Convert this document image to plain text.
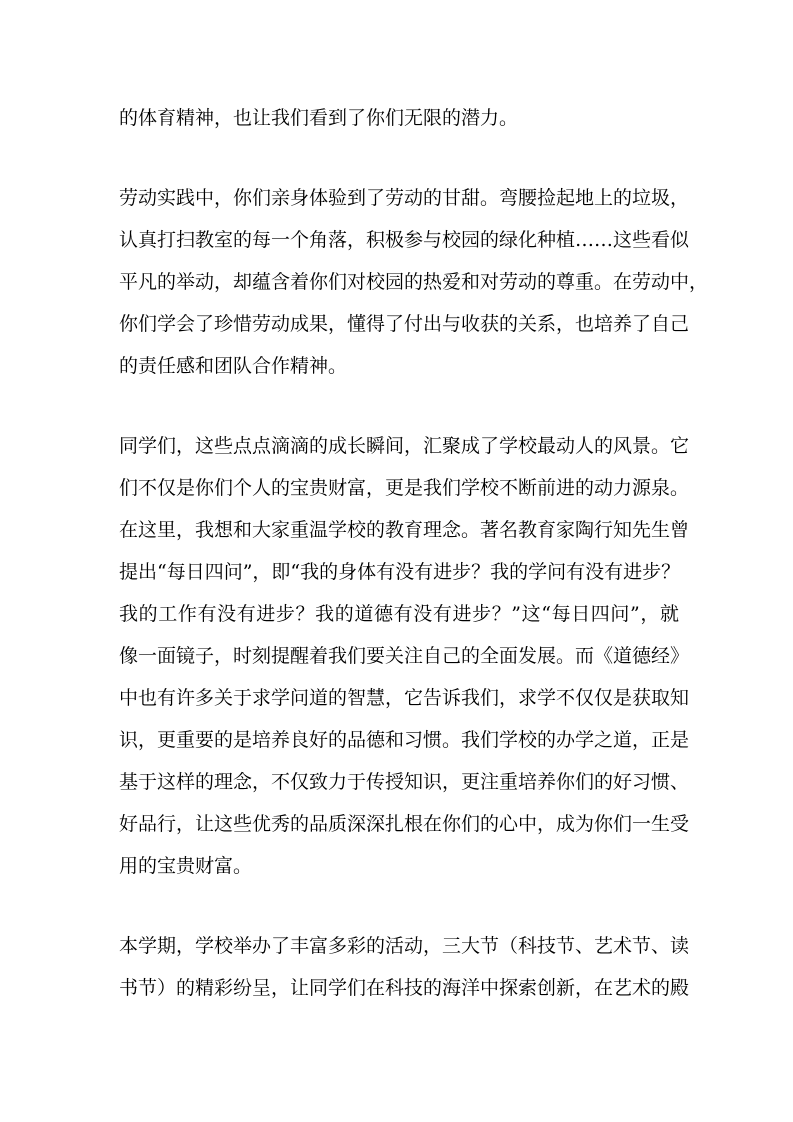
的体育精神，也让我们看到了你们无限的潜力。
劳动实践中，你们亲身体验到了劳动的甘甜。弯腰捡起地上的垃圾，
认真打扫教室的每一个角落，积极参与校园的绿化种植……这些看似
平凡的举动，却蕴含着你们对校园的热爱和对劳动的尊重。在劳动中，
你们学会了珍惜劳动成果，懂得了付出与收获的关系，也培养了自己
的责任感和团队合作精神。
同学们，这些点点滴滴的成长瞬间，汇聚成了学校最动人的风景。它
们不仅是你们个人的宝贵财富，更是我们学校不断前进的动力源泉。
在这里，我想和大家重温学校的教育理念。著名教育家陶行知先生曾
提出“每日四问”，即“我的身体有没有进步？我的学问有没有进步？
我的工作有没有进步？我的道德有没有进步？”这“每日四问”，就
像一面镜子，时刻提醒着我们要关注自己的全面发展。而《道德经》
中也有许多关于求学问道的智慧，它告诉我们，求学不仅仅是获取知
识，更重要的是培养良好的品德和习惯。我们学校的办学之道，正是
基于这样的理念，不仅致力于传授知识，更注重培养你们的好习惯、
好品行，让这些优秀的品质深深扎根在你们的心中，成为你们一生受
用的宝贵财富。
本学期，学校举办了丰富多彩的活动，三大节（科技节、艺术节、读
书节）的精彩纷呈，让同学们在科技的海洋中探索创新，在艺术的殿
